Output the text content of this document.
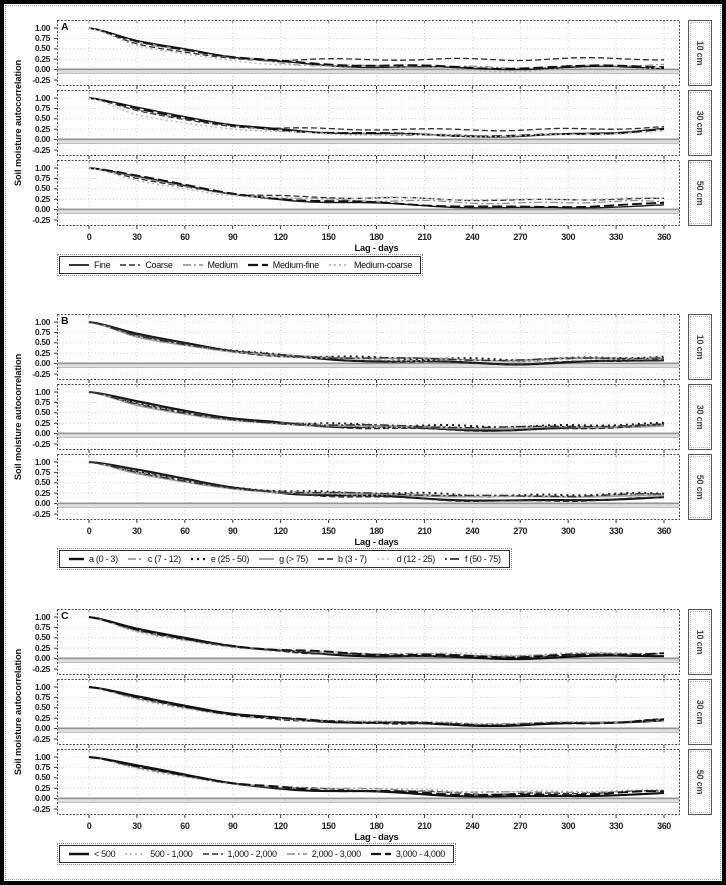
Soil moisture autocorrelation
1.00
0.75
0.50
0.25
0.00
-0.25
10 cm
1.00
0.75
0.50
0.25
0.00
-0.25
30 cm
1.00
0.75
0.50
0.25
0.00
-0.25
50 cm
A
0	30	60	90	120	150	180	210	240	270	300	330	360
Lag - days
Fine	Coarse	Medium	Medium-fine	Medium-coarse
Soil moisture autocorrelation
1.00
0.75
0.50
0.25
0.00
-0.25
10 cm
1.00
0.75
0.50
0.25
0.00
-0.25
30 cm
1.00
0.75
0.50
0.25
0.00
-0.25
50 cm
B
0	30	60	90	120	150	180	210	240	270	300	330	360
Lag - days
a (0 - 3)	c (7 - 12)	e (25 - 50)	g (> 75)	b (3 - 7)	d (12 - 25)	f (50 - 75)
Soil moisture autocorrelation
1.00
0.75
0.50
0.25
0.00
-0.25
10 cm
1.00
0.75
0.50
0.25
0.00
-0.25
30 cm
1.00
0.75
0.50
0.25
0.00
-0.25
50 cm
C
0	30	60	90	120	150	180	210	240	270	300	330	360
Lag - days
< 500	500 - 1,000	1,000 - 2,000	2,000 - 3,000	3,000 - 4,000
